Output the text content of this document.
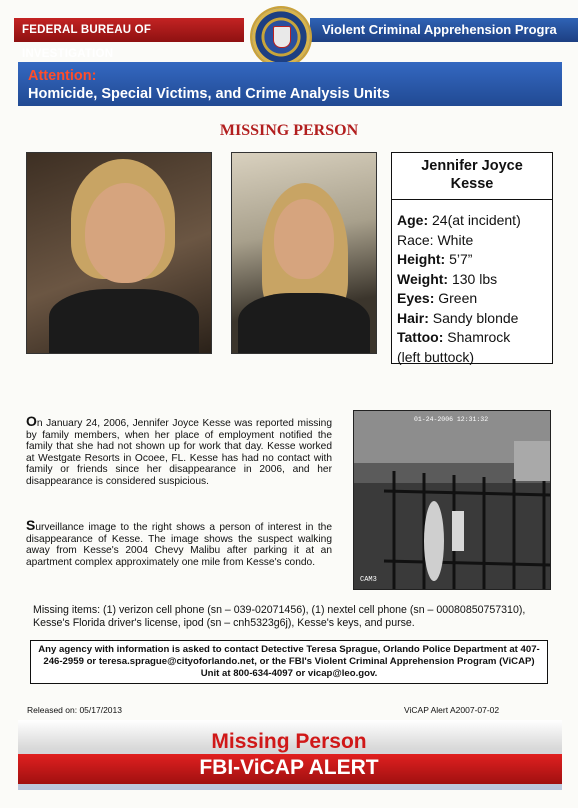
FEDERAL BUREAU OF INVESTIGATION
Violent Criminal Apprehension Progra
Attention:
Homicide, Special Victims, and Crime Analysis Units
MISSING PERSON
Jennifer Joyce
Kesse
Age: 24(at incident)
Race: White
Height: 5’7”
Weight: 130 lbs
Eyes: Green
Hair: Sandy blonde
Tattoo: Shamrock
(left buttock)
On January 24, 2006, Jennifer Joyce Kesse was reported missing by family members, when her place of employment notified the family that she had not shown up for work that day. Kesse worked at Westgate Resorts in Ocoee, FL. Kesse has had no contact with family or friends since her disappearance in 2006, and her disappearance is considered suspicious.
Surveillance image to the right shows a person of interest in the disappearance of Kesse. The image shows the suspect walking away from Kesse's 2004 Chevy Malibu after parking it at an apartment complex approximately one mile from Kesse's condo.
CAM3
01-24-2006 12:31:32
Missing items: (1) verizon cell phone (sn – 039-02071456), (1) nextel cell phone (sn – 00080850757310), Kesse's Florida driver's license, ipod (sn – cnh5323g6j), Kesse's keys, and purse.
Any agency with information is asked to contact Detective Teresa Sprague, Orlando Police Department at 407-246-2959 or teresa.sprague@cityoforlando.net, or the FBI's Violent Criminal Apprehension Program (ViCAP) Unit at 800-634-4097 or vicap@leo.gov.
Released on: 05/17/2013	ViCAP Alert A2007-07-02
Missing Person
FBI-ViCAP ALERT
